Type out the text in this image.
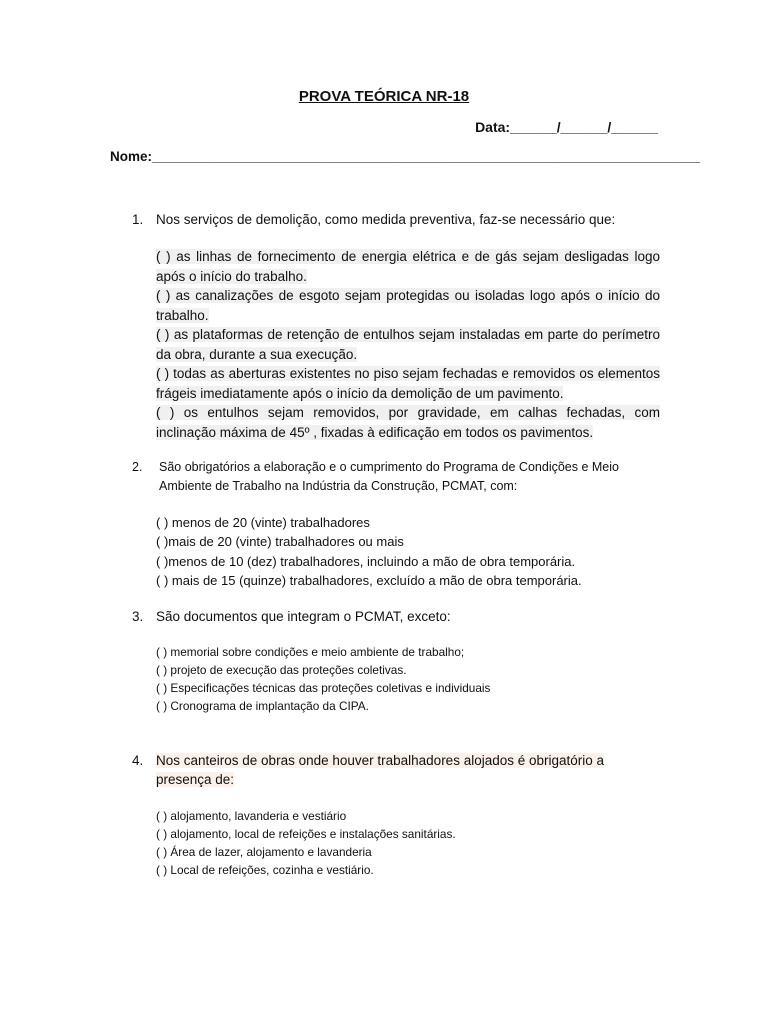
PROVA TEÓRICA NR-18
Data:______/______/______
Nome:_________________________________________________________________________
1. Nos serviços de demolição, como medida preventiva, faz-se necessário que:
( ) as linhas de fornecimento de energia elétrica e de gás sejam desligadas logo após o início do trabalho.
( ) as canalizações de esgoto sejam protegidas ou isoladas logo após o início do trabalho.
( ) as plataformas de retenção de entulhos sejam instaladas em parte do perímetro da obra, durante a sua execução.
( ) todas as aberturas existentes no piso sejam fechadas e removidos os elementos frágeis imediatamente após o início da demolição de um pavimento.
( ) os entulhos sejam removidos, por gravidade, em calhas fechadas, com inclinação máxima de 45º , fixadas à edificação em todos os pavimentos.
2. São obrigatórios a elaboração e o cumprimento do Programa de Condições e Meio Ambiente de Trabalho na Indústria da Construção, PCMAT, com:
( ) menos de 20 (vinte) trabalhadores
( )mais de 20 (vinte) trabalhadores ou mais
( )menos de 10 (dez) trabalhadores, incluindo a mão de obra temporária.
( ) mais de 15 (quinze) trabalhadores, excluído a mão de obra temporária.
3. São documentos que integram o PCMAT, exceto:
( ) memorial sobre condições e meio ambiente de trabalho;
( ) projeto de execução das proteções coletivas.
( ) Especificações técnicas das proteções coletivas e individuais
( ) Cronograma de implantação da CIPA.
4. Nos canteiros de obras onde houver trabalhadores alojados é obrigatório a presença de:
( ) alojamento, lavanderia e vestiário
( ) alojamento, local de refeições e instalações sanitárias.
( ) Área de lazer, alojamento e lavanderia
( ) Local de refeições, cozinha e vestiário.
